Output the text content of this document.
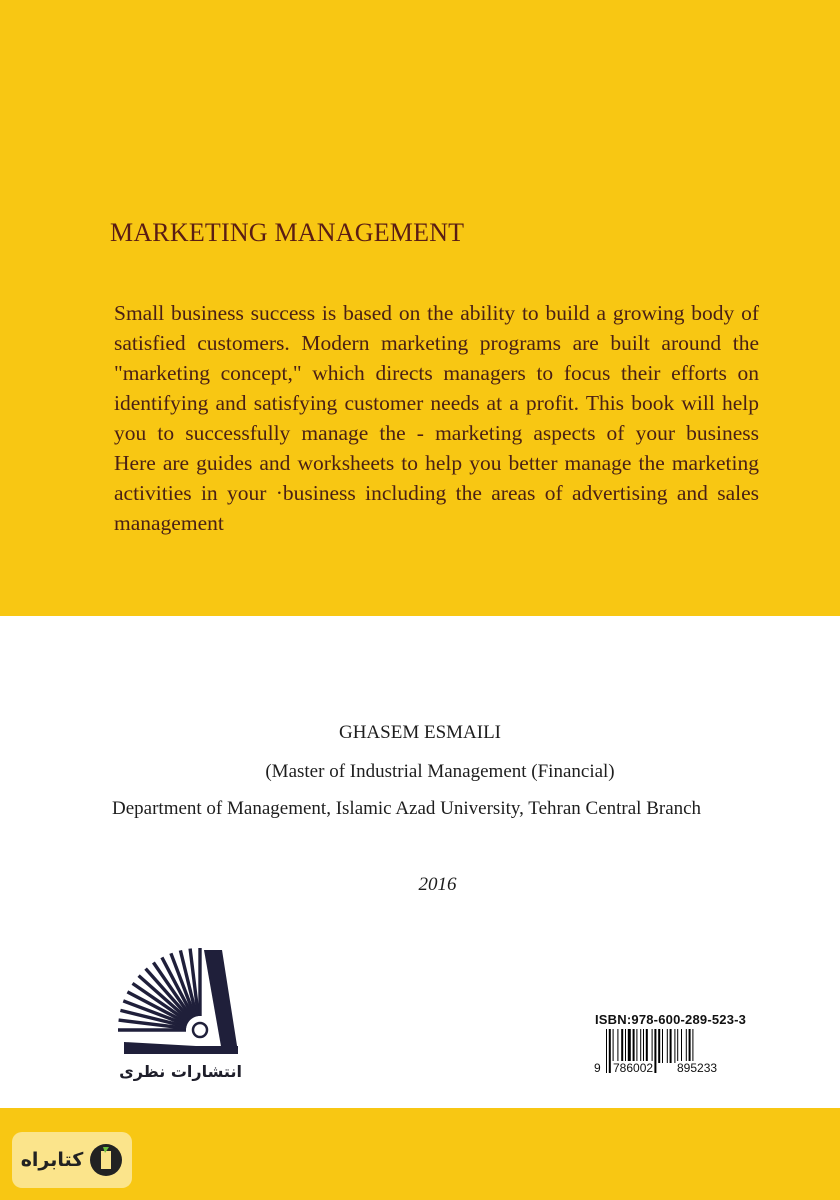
MARKETING MANAGEMENT

Small business success is based on the ability to build a growing body of satisfied customers. Modern marketing programs are built around the "marketing concept," which directs managers to focus their efforts on identifying and satisfying customer needs at a profit. This book will help you to successfully manage the - marketing aspects of your business

Here are guides and worksheets to help you better manage the marketing activities in your ·business including the areas of advertising and sales management

GHASEM ESMAILI
(Master of Industrial Management (Financial)
Department of Management, Islamic Azad University, Tehran Central Branch
2016
انتشارات نظری
ISBN:978-600-289-523-3
9 786002 895233
کتابراه
